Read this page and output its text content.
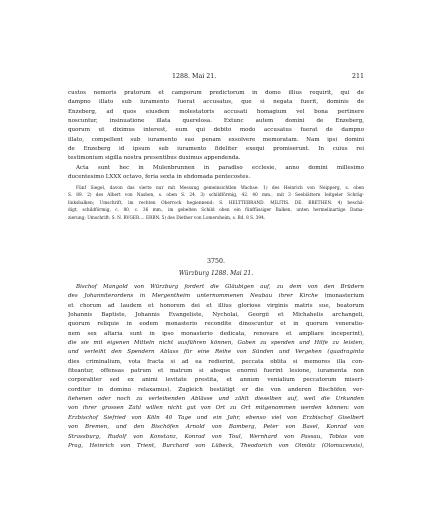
1288. Mai 21.	211
custos nemoris pratorum et camporum predictorum in domo illius requirit, qui de
dampno illato sub iuramento fuerat accusatus, que si negata fuerit, dominis de
Enzeberg, ad quos eiusdem molestatoris accusati homagium vel bona pertinere
noscuntur, insinuatione illata querelosa. Extunc autem domini de Enzeberg,
quorum ut diximus interest, eum qui debito modo accusatus fuerat de dampno
illato, compellent sub iuramento suo penam exsolvere memoratam. Nam ipsi domini
de Enzeberg id ipsum sub iuramento fideliter exequi promiserunt. In cuius rei
testimonium sigilla nostra presentibus duximus appendenda.
Acta sunt hec in Mulenbrunnen in paradiso ecclesie, anno domini millesimo
ducentesimo LXXX octavo, feria sexta in ebdomada pentecostes.
Fünf Siegel, davon das vierte nur mit Messung gemeinsichtlen Wachse: 1) des Heinrich von Neipperg, s. oben
S. 89. 2) des Albert von Nasben, s. oben S. 24. 3) schildförmig, 42. 40 mm., mit 3 Seebiättern Ieitgeler Schräg-
linksbalken; Umschrift, im rechten Oberrock hegiennend: S. HELTTEBRAND. MILITIS. DE. BRETHEN. 4) beschä-
digt, schildförmig, c. 80, c. 36 mm., im gebelten Schild oben ein fünffüssiger Balken, unten hermelinartige Dama-
zierung; Umschrift: S. N. RVGER.... ERBN. 5) des Diether von Lomersheim, s. Bd. 8 S. 394.
3750.
Würzburg 1288. Mai 21.
Bischof Mangold von Würzburg fordert die Gläubigen auf, zu dem von den Brüdern
des Johanniterordens in Mergentheim unternommenen Neubau ihrer Kirche (monasterium
et chorum ad laudem et honorem dei et illius gloriose virginis matris sue, beatorum
Johannis Baptiste, Johannis Evangeliste, Nycholai, Georgii et Michahelis archangeli,
quorum reliquie in eodem monasterio recondite dinoscuntur et in quorum veneratio-
nem sex altaria sunt in ipso monasterio dedicata, renovare et ampliare inceperint),
die sie mit eigenen Mitteln nicht ausführen können, Gaben zu spenden und Hilfe zu leisten,
und verleiht den Spendern Ablass für eine Reihe von Sünden und Vergehen (quadraginta
dies criminalium, vota fracta si ad ea redierint, peccata oblita si memores illa con-
fiteantur, offensas patrum et matrum si absque enormi fuerint lesione, iuramenta non
corporaliter sed ex animi levitate prestita, et annum venialium peccatorum miseri-
corditer in domino relaxamus). Zugleich bestätigt er die von anderen Bischöfen ver-
liehenen oder noch zu verleihenden Ablässe und zählt dieselben auf, weil die Urkunden
von ihrer grossen Zahl willen nicht gut von Ort zu Ort mitgenommen werden können: von
Erzbischof Siefried von Köln 40 Tage und ein Jahr, ebenso viel von Erzbischof Giselbert
von Bremen, und den Bischöfen Arnold von Bamberg, Peter von Basel, Konrad von
Strassburg, Rudolf von Konstanz, Konrad von Toul, Wernhard von Passau, Tobias von
Prag, Heinrich von Trient, Burchard von Lübeck, Theodorich von Olmütz (Olomucensis),
